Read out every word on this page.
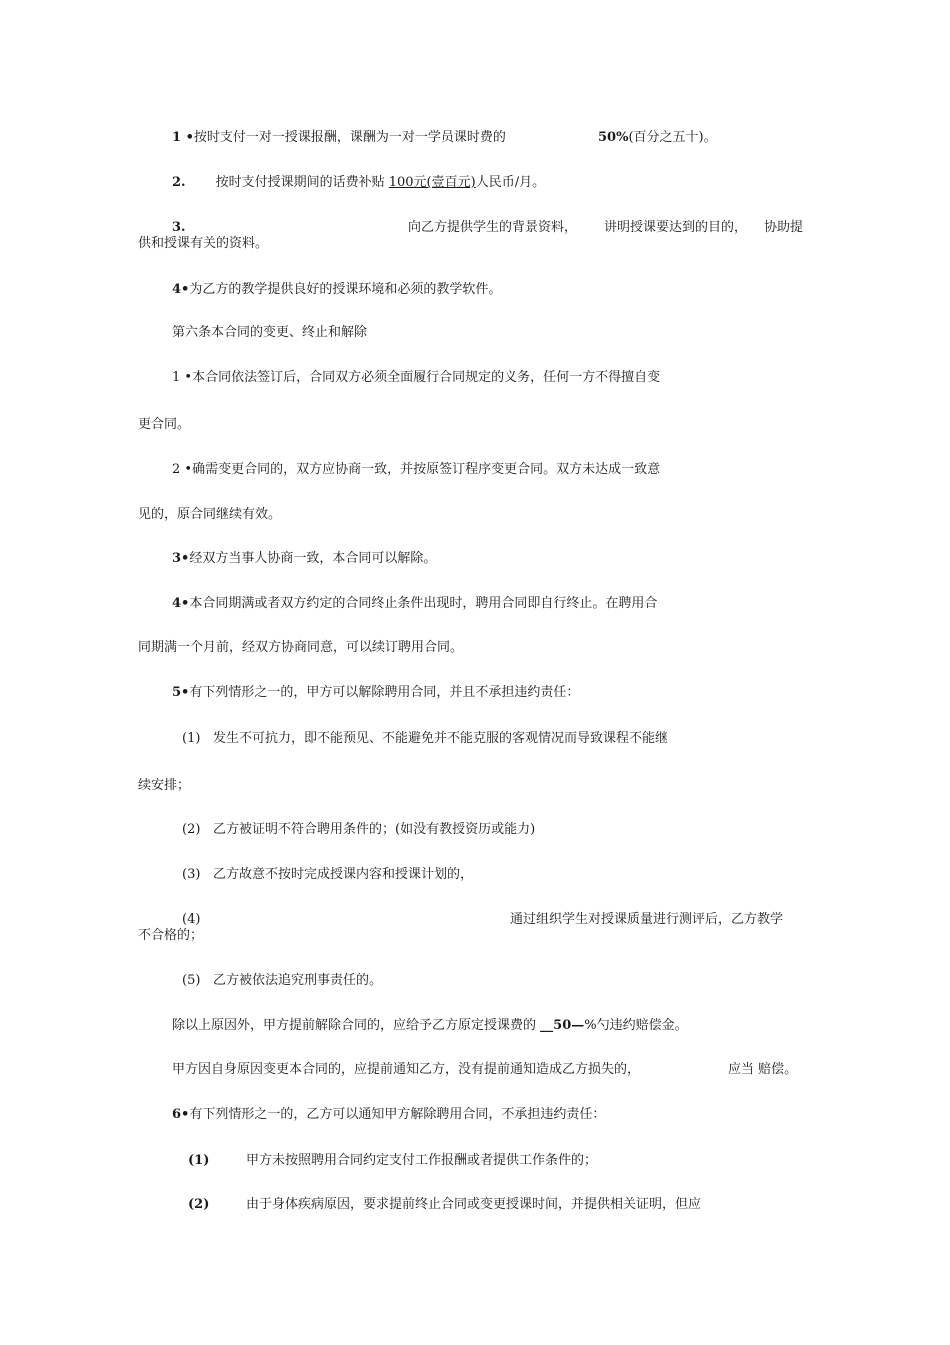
1 •按时支付一对一授课报酬，课酬为一对一学员课时费的	50%(百分之五十)。
2. 按时支付授课期间的话费补贴 100元(壹百元)人民币/月。
3.	向乙方提供学生的背景资料， 讲明授课要达到的目的， 协助提
供和授课有关的资料。
4•为乙方的教学提供良好的授课环境和必须的教学软件。
第六条本合同的变更、终止和解除
1 •本合同依法签订后，合同双方必须全面履行合同规定的义务，任何一方不得擅自变
更合同。
2 •确需变更合同的，双方应协商一致，并按原签订程序变更合同。双方未达成一致意
见的，原合同继续有效。
3•经双方当事人协商一致，本合同可以解除。
4•本合同期满或者双方约定的合同终止条件出现时，聘用合同即自行终止。在聘用合
同期满一个月前，经双方协商同意，可以续订聘用合同。
5•有下列情形之一的，甲方可以解除聘用合同，并且不承担违约责任：
(1) 发生不可抗力，即不能预见、不能避免并不能克服的客观情况而导致课程不能继
续安排；
(2) 乙方被证明不符合聘用条件的；(如没有教授资历或能力)
(3) 乙方故意不按时完成授课内容和授课计划的，
(4)	通过组织学生对授课质量进行测评后，乙方教学
不合格的；
(5) 乙方被依法追究刑事责任的。
除以上原因外，甲方提前解除合同的，应给予乙方原定授课费的 __50—%勺违约赔偿金。
甲方因自身原因变更本合同的，应提前通知乙方，没有提前通知造成乙方损失的，	应当 赔偿。
6•有下列情形之一的，乙方可以通知甲方解除聘用合同，不承担违约责任：
(1)	甲方未按照聘用合同约定支付工作报酬或者提供工作条件的；
(2)	由于身体疾病原因，要求提前终止合同或变更授课时间，并提供相关证明，但应
